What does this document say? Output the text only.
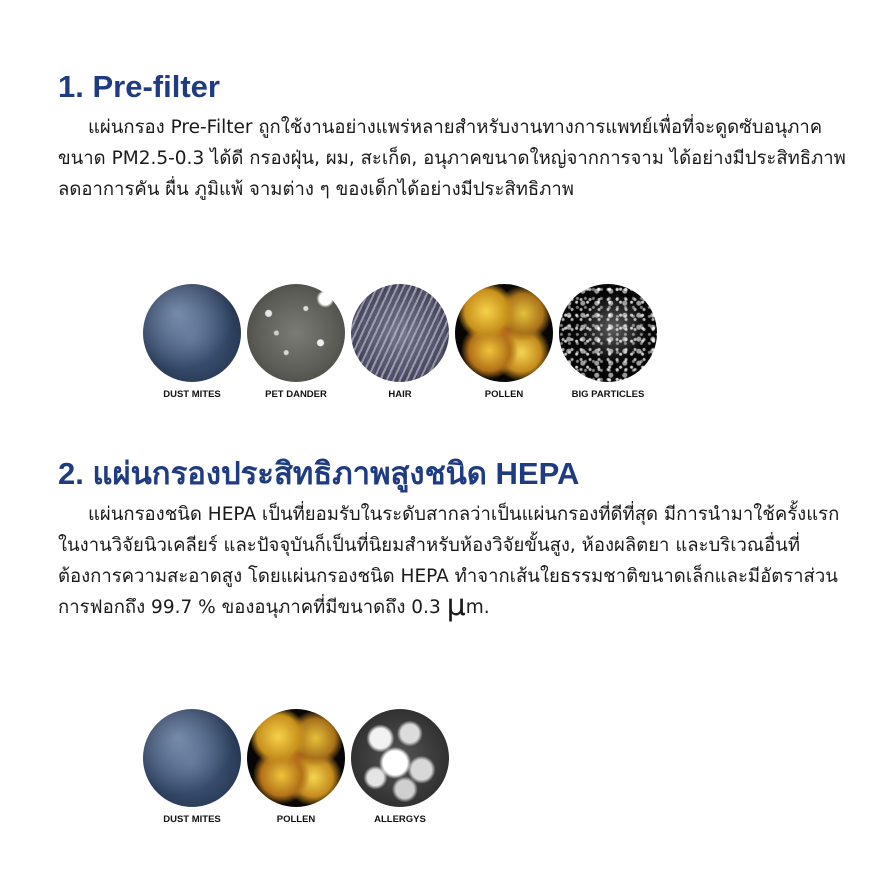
1. Pre-filter

แผ่นกรอง Pre-Filter ถูกใช้งานอย่างแพร่หลายสำหรับงานทางการแพทย์เพื่อที่จะดูดซับอนุภาคขนาด PM2.5-0.3 ได้ดี กรองฝุ่น, ผม, สะเก็ด, อนุภาคขนาดใหญ่จากการจาม ได้อย่างมีประสิทธิภาพ ลดอาการคัน ผื่น ภูมิแพ้ จามต่าง ๆ ของเด็กได้อย่างมีประสิทธิภาพ

DUST MITES	PET DANDER	HAIR	POLLEN	BIG PARTICLES
2. แผ่นกรองประสิทธิภาพสูงชนิด HEPA

แผ่นกรองชนิด HEPA เป็นที่ยอมรับในระดับสากลว่าเป็นแผ่นกรองที่ดีที่สุด มีการนำมาใช้ครั้งแรกในงานวิจัยนิวเคลียร์ และปัจจุบันก็เป็นที่นิยมสำหรับห้องวิจัยขั้นสูง, ห้องผลิตยา และบริเวณอื่นที่ต้องการความสะอาดสูง โดยแผ่นกรองชนิด HEPA ทำจากเส้นใยธรรมชาติขนาดเล็กและมีอัตราส่วนการฟอกถึง 99.7 % ของอนุภาคที่มีขนาดถึง 0.3 μm.

DUST MITES	POLLEN	ALLERGYS
